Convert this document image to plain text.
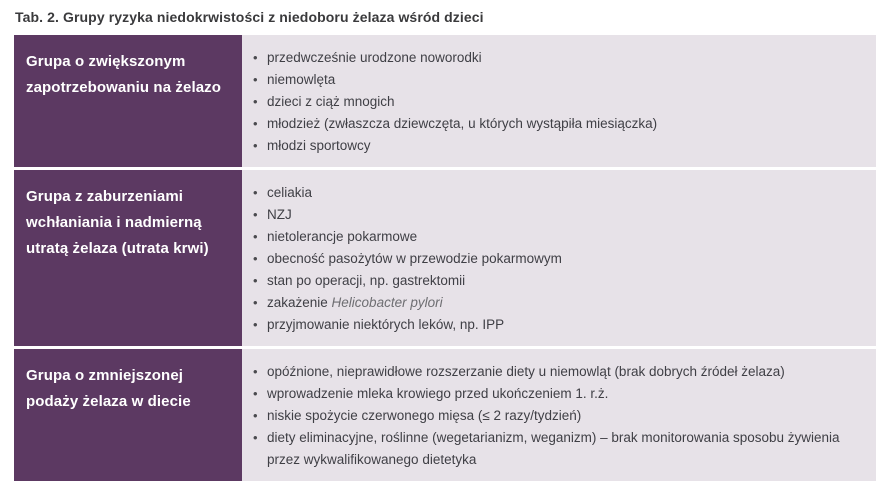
Tab. 2. Grupy ryzyka niedokrwistości z niedoboru żelaza wśród dzieci
Grupa o zwiększonym zapotrzebowaniu na żelazo
• przedwcześnie urodzone noworodki
• niemowlęta
• dzieci z ciąż mnogich
• młodzież (zwłaszcza dziewczęta, u których wystąpiła miesiączka)
• młodzi sportowcy
Grupa z zaburzeniami wchłaniania i nadmierną utratą żelaza (utrata krwi)
• celiakia
• NZJ
• nietolerancje pokarmowe
• obecność pasożytów w przewodzie pokarmowym
• stan po operacji, np. gastrektomii
• zakażenie Helicobacter pylori
• przyjmowanie niektórych leków, np. IPP
Grupa o zmniejszonej podaży żelaza w diecie
• opóźnione, nieprawidłowe rozszerzanie diety u niemowląt (brak dobrych źródeł żelaza)
• wprowadzenie mleka krowiego przed ukończeniem 1. r.ż.
• niskie spożycie czerwonego mięsa (≤ 2 razy/tydzień)
• diety eliminacyjne, roślinne (wegetarianizm, weganizm) – brak monitorowania sposobu żywienia przez wykwalifikowanego dietetyka
